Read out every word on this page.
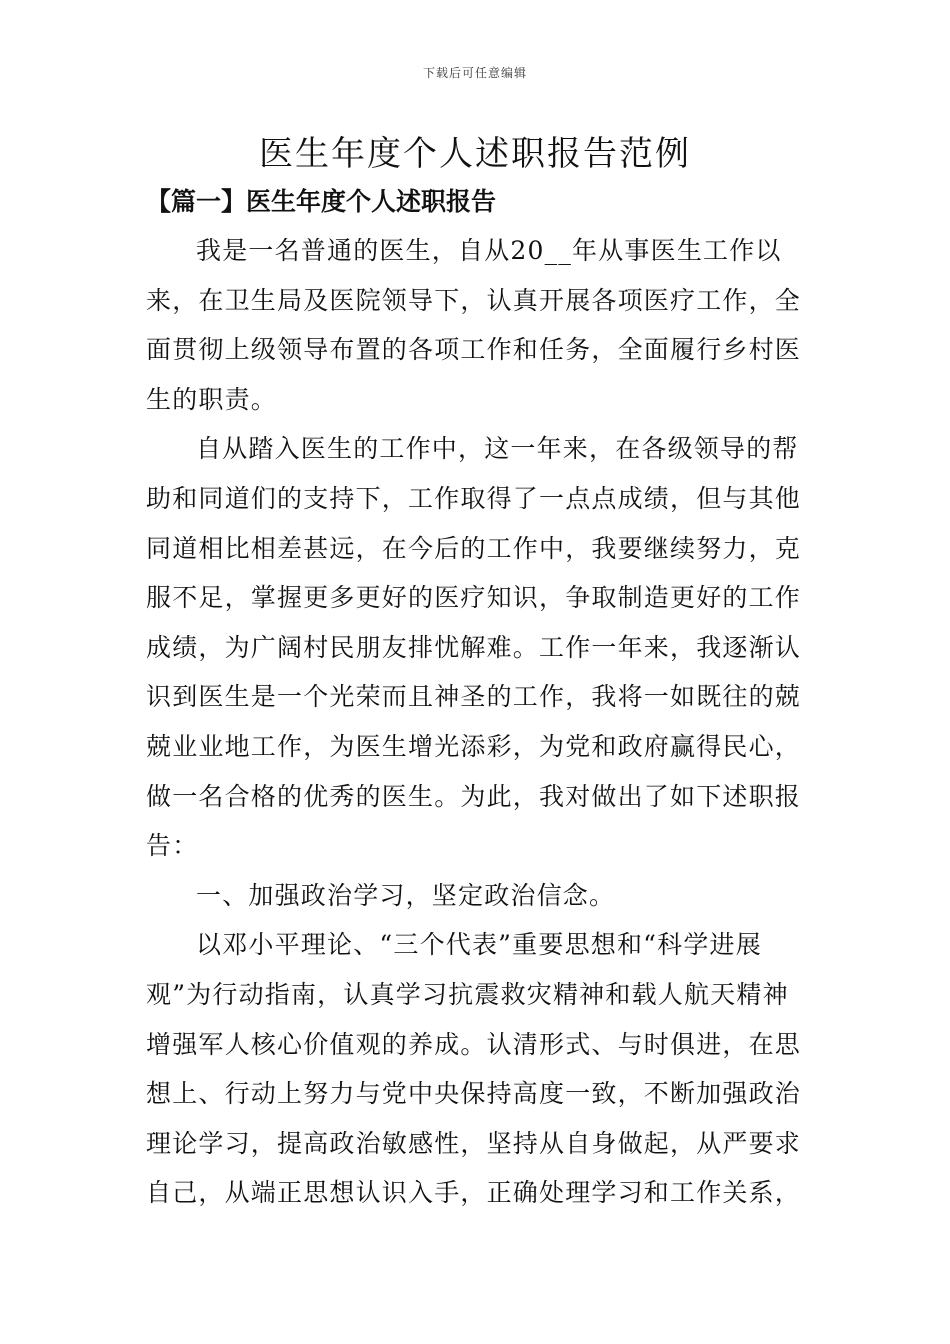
下载后可任意编辑
医生年度个人述职报告范例
【篇一】医生年度个人述职报告

我是一名普通的医生，自从20__年从事医生工作以来，在卫生局及医院领导下，认真开展各项医疗工作，全面贯彻上级领导布置的各项工作和任务，全面履行乡村医生的职责。

自从踏入医生的工作中，这一年来，在各级领导的帮助和同道们的支持下，工作取得了一点点成绩，但与其他同道相比相差甚远，在今后的工作中，我要继续努力，克服不足，掌握更多更好的医疗知识，争取制造更好的工作成绩，为广阔村民朋友排忧解难。工作一年来，我逐渐认识到医生是一个光荣而且神圣的工作，我将一如既往的兢兢业业地工作，为医生增光添彩，为党和政府赢得民心，做一名合格的优秀的医生。为此，我对做出了如下述职报告：

一、加强政治学习，坚定政治信念。

以邓小平理论、“三个代表”重要思想和“科学进展观”为行动指南，认真学习抗震救灾精神和载人航天精神增强军人核心价值观的养成。认清形式、与时俱进，在思想上、行动上努力与党中央保持高度一致，不断加强政治理论学习，提高政治敏感性，坚持从自身做起，从严要求自己，从端正思想认识入手，正确处理学习和工作关系，
